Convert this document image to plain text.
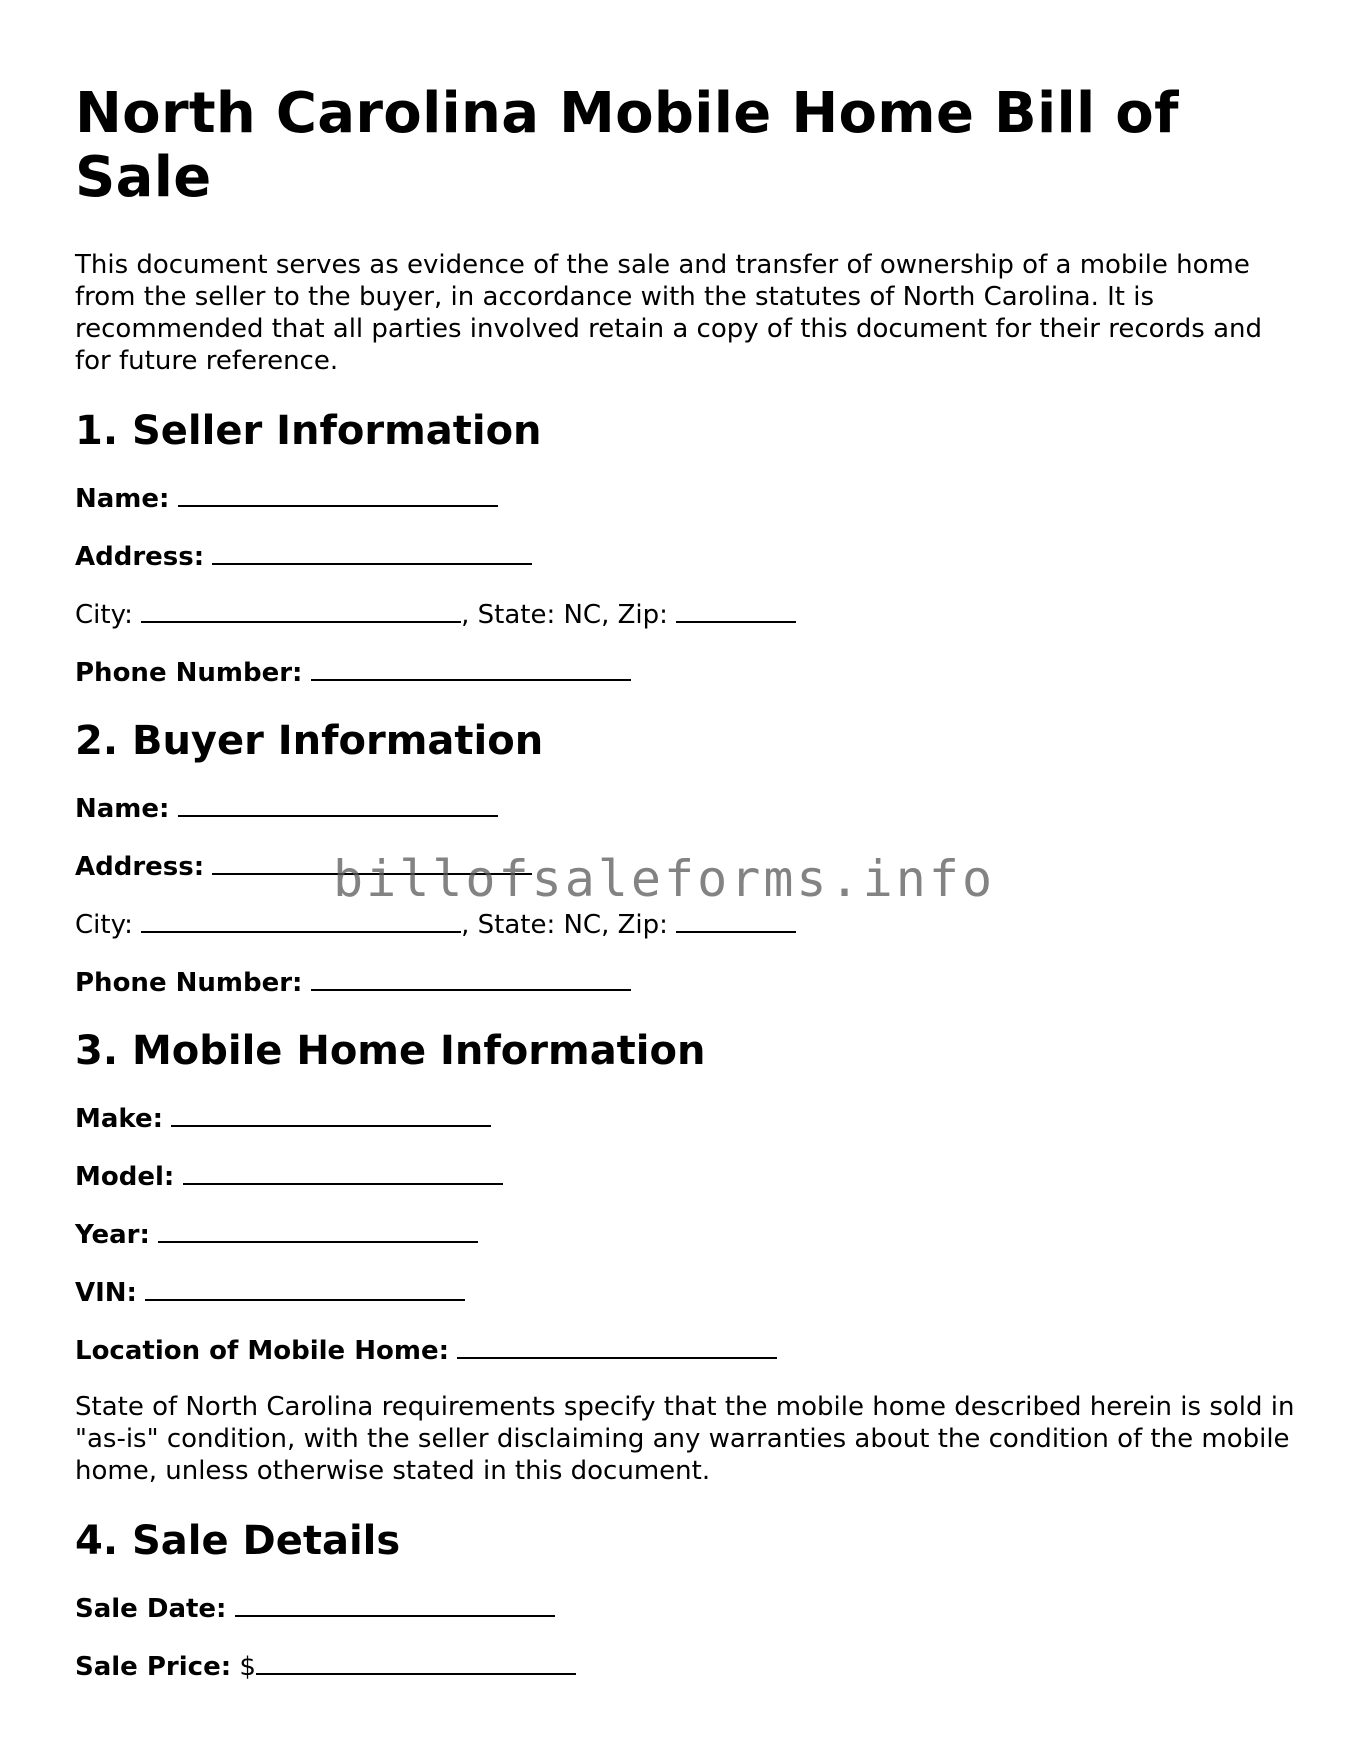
North Carolina Mobile Home Bill of Sale

This document serves as evidence of the sale and transfer of ownership of a mobile home from the seller to the buyer, in accordance with the statutes of North Carolina. It is recommended that all parties involved retain a copy of this document for their records and for future reference.

1. Seller Information
Name:
Address:
City:	, State: NC, Zip:
Phone Number:
2. Buyer Information
Name:
Address:
City:	, State: NC, Zip:
Phone Number:
3. Mobile Home Information
Make:
Model:
Year:
VIN:
Location of Mobile Home:

State of North Carolina requirements specify that the mobile home described herein is sold in "as-is" condition, with the seller disclaiming any warranties about the condition of the mobile home, unless otherwise stated in this document.

4. Sale Details
Sale Date:
Sale Price: $
billofsaleforms.info
